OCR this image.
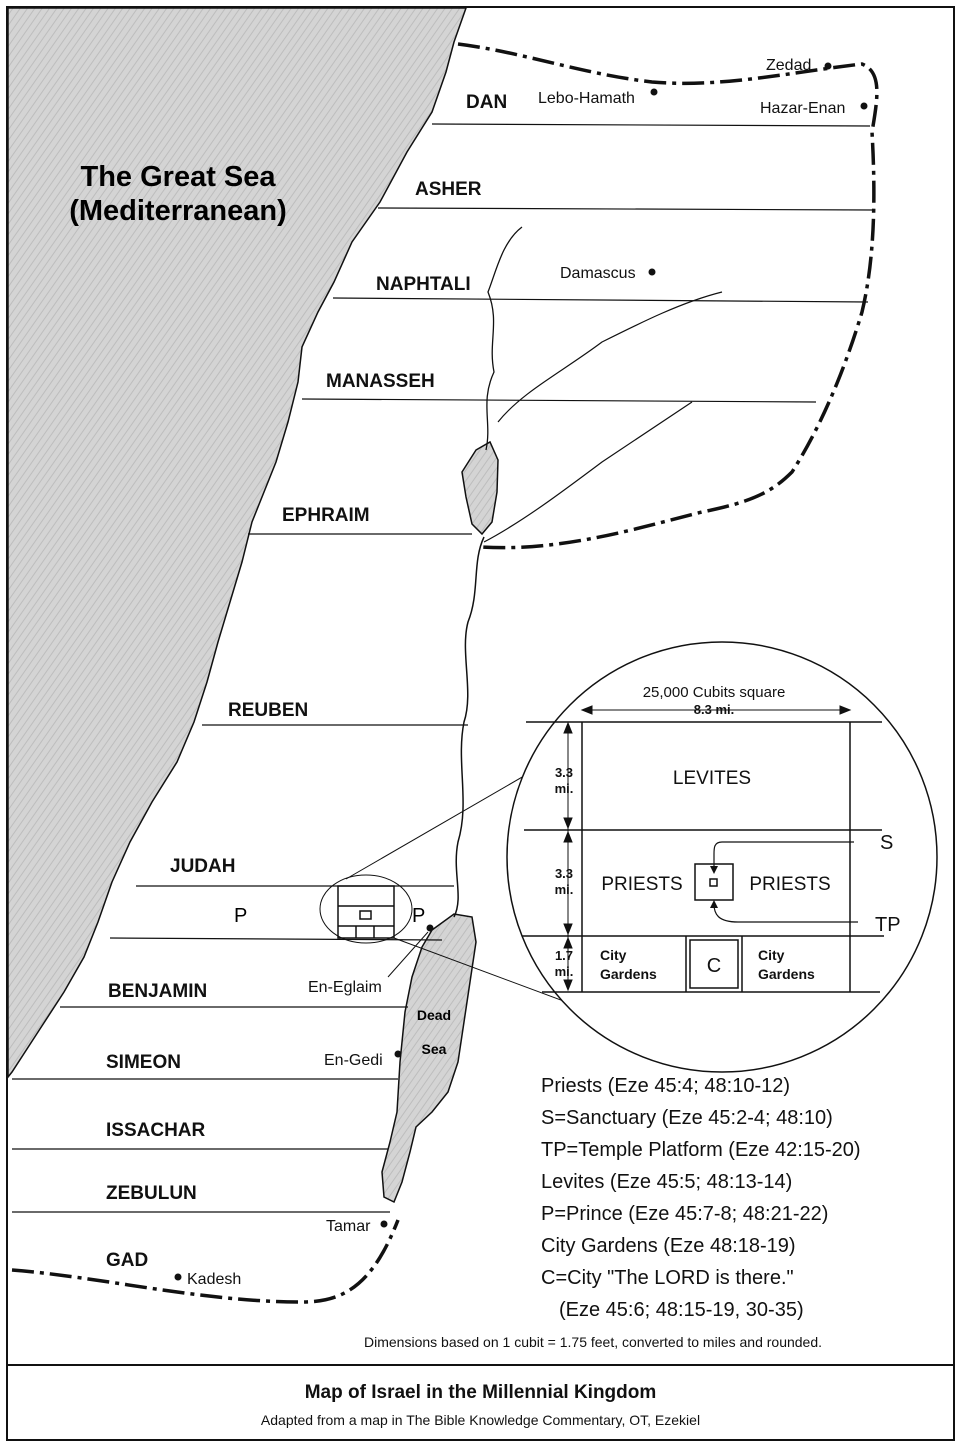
The Great Sea
(Mediterranean)
DAN
ASHER
NAPHTALI
MANASSEH
EPHRAIM
REUBEN
JUDAH
BENJAMIN
SIMEON
ISSACHAR
ZEBULUN
GAD
Zedad
Lebo-Hamath
Hazar-Enan
Damascus
En-Eglaim
En-Gedi
Tamar
Kadesh
Dead
Sea
P	P
25,000 Cubits square
8.3 mi.
LEVITES
PRIESTS	PRIESTS
City
Gardens
City
Gardens
C
S
TP
3.3
mi.
3.3
mi.
1.7
mi.
Priests (Eze 45:4; 48:10-12)
S=Sanctuary (Eze 45:2-4; 48:10)
TP=Temple Platform (Eze 42:15-20)
Levites (Eze 45:5; 48:13-14)
P=Prince (Eze 45:7-8; 48:21-22)
City Gardens (Eze 48:18-19)
C=City "The LORD is there."
(Eze 45:6; 48:15-19, 30-35)
Dimensions based on 1 cubit = 1.75 feet, converted to miles and rounded.
Map of Israel in the Millennial Kingdom
Adapted from a map in The Bible Knowledge Commentary, OT, Ezekiel
